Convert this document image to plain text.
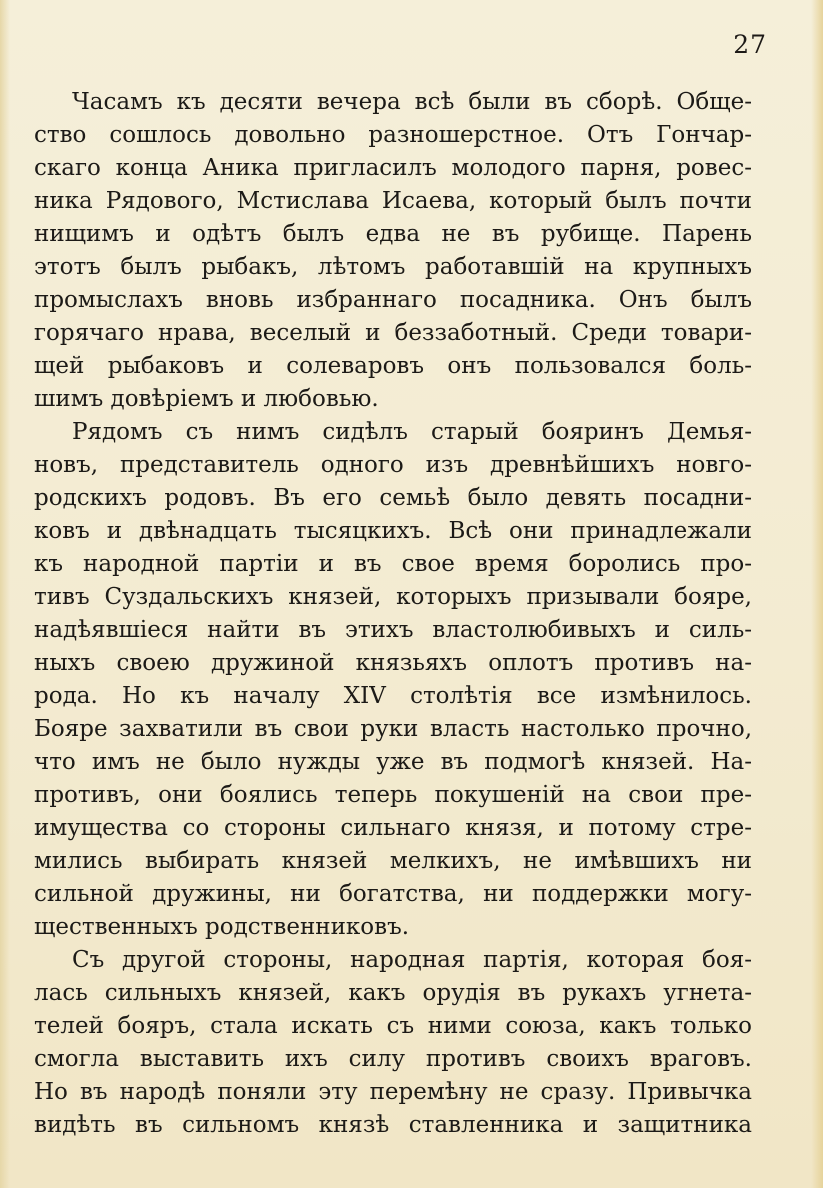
27
Часамъ къ десяти вечера всѣ были въ сборѣ. Обще-
ство сошлось довольно разношерстное. Отъ Гончар-
скаго конца Аника пригласилъ молодого парня, ровес-
ника Рядового, Мстислава Исаева, который былъ почти
нищимъ и одѣтъ былъ едва не въ рубище. Парень
этотъ былъ рыбакъ, лѣтомъ работавшій на крупныхъ
промыслахъ вновь избраннаго посадника. Онъ былъ
горячаго нрава, веселый и беззаботный. Среди товари-
щей рыбаковъ и солеваровъ онъ пользовался боль-
шимъ довѣріемъ и любовью.
Рядомъ съ нимъ сидѣлъ старый бояринъ Демья-
новъ, представитель одного изъ древнѣйшихъ новго-
родскихъ родовъ. Въ его семьѣ было девять посадни-
ковъ и двѣнадцать тысяцкихъ. Всѣ они принадлежали
къ народной партіи и въ свое время боролись про-
тивъ Суздальскихъ князей, которыхъ призывали бояре,
надѣявшіеся найти въ этихъ властолюбивыхъ и силь-
ныхъ своею дружиной князьяхъ оплотъ противъ на-
рода. Но къ началу XIV столѣтія все измѣнилось.
Бояре захватили въ свои руки власть настолько прочно,
что имъ не было нужды уже въ подмогѣ князей. На-
противъ, они боялись теперь покушеній на свои пре-
имущества со стороны сильнаго князя, и потому стре-
мились выбирать князей мелкихъ, не имѣвшихъ ни
сильной дружины, ни богатства, ни поддержки могу-
щественныхъ родственниковъ.
Съ другой стороны, народная партія, которая боя-
лась сильныхъ князей, какъ орудія въ рукахъ угнета-
телей бояръ, стала искать съ ними союза, какъ только
смогла выставить ихъ силу противъ своихъ враговъ.
Но въ народѣ поняли эту перемѣну не сразу. Привычка
видѣть въ сильномъ князѣ ставленника и защитника
